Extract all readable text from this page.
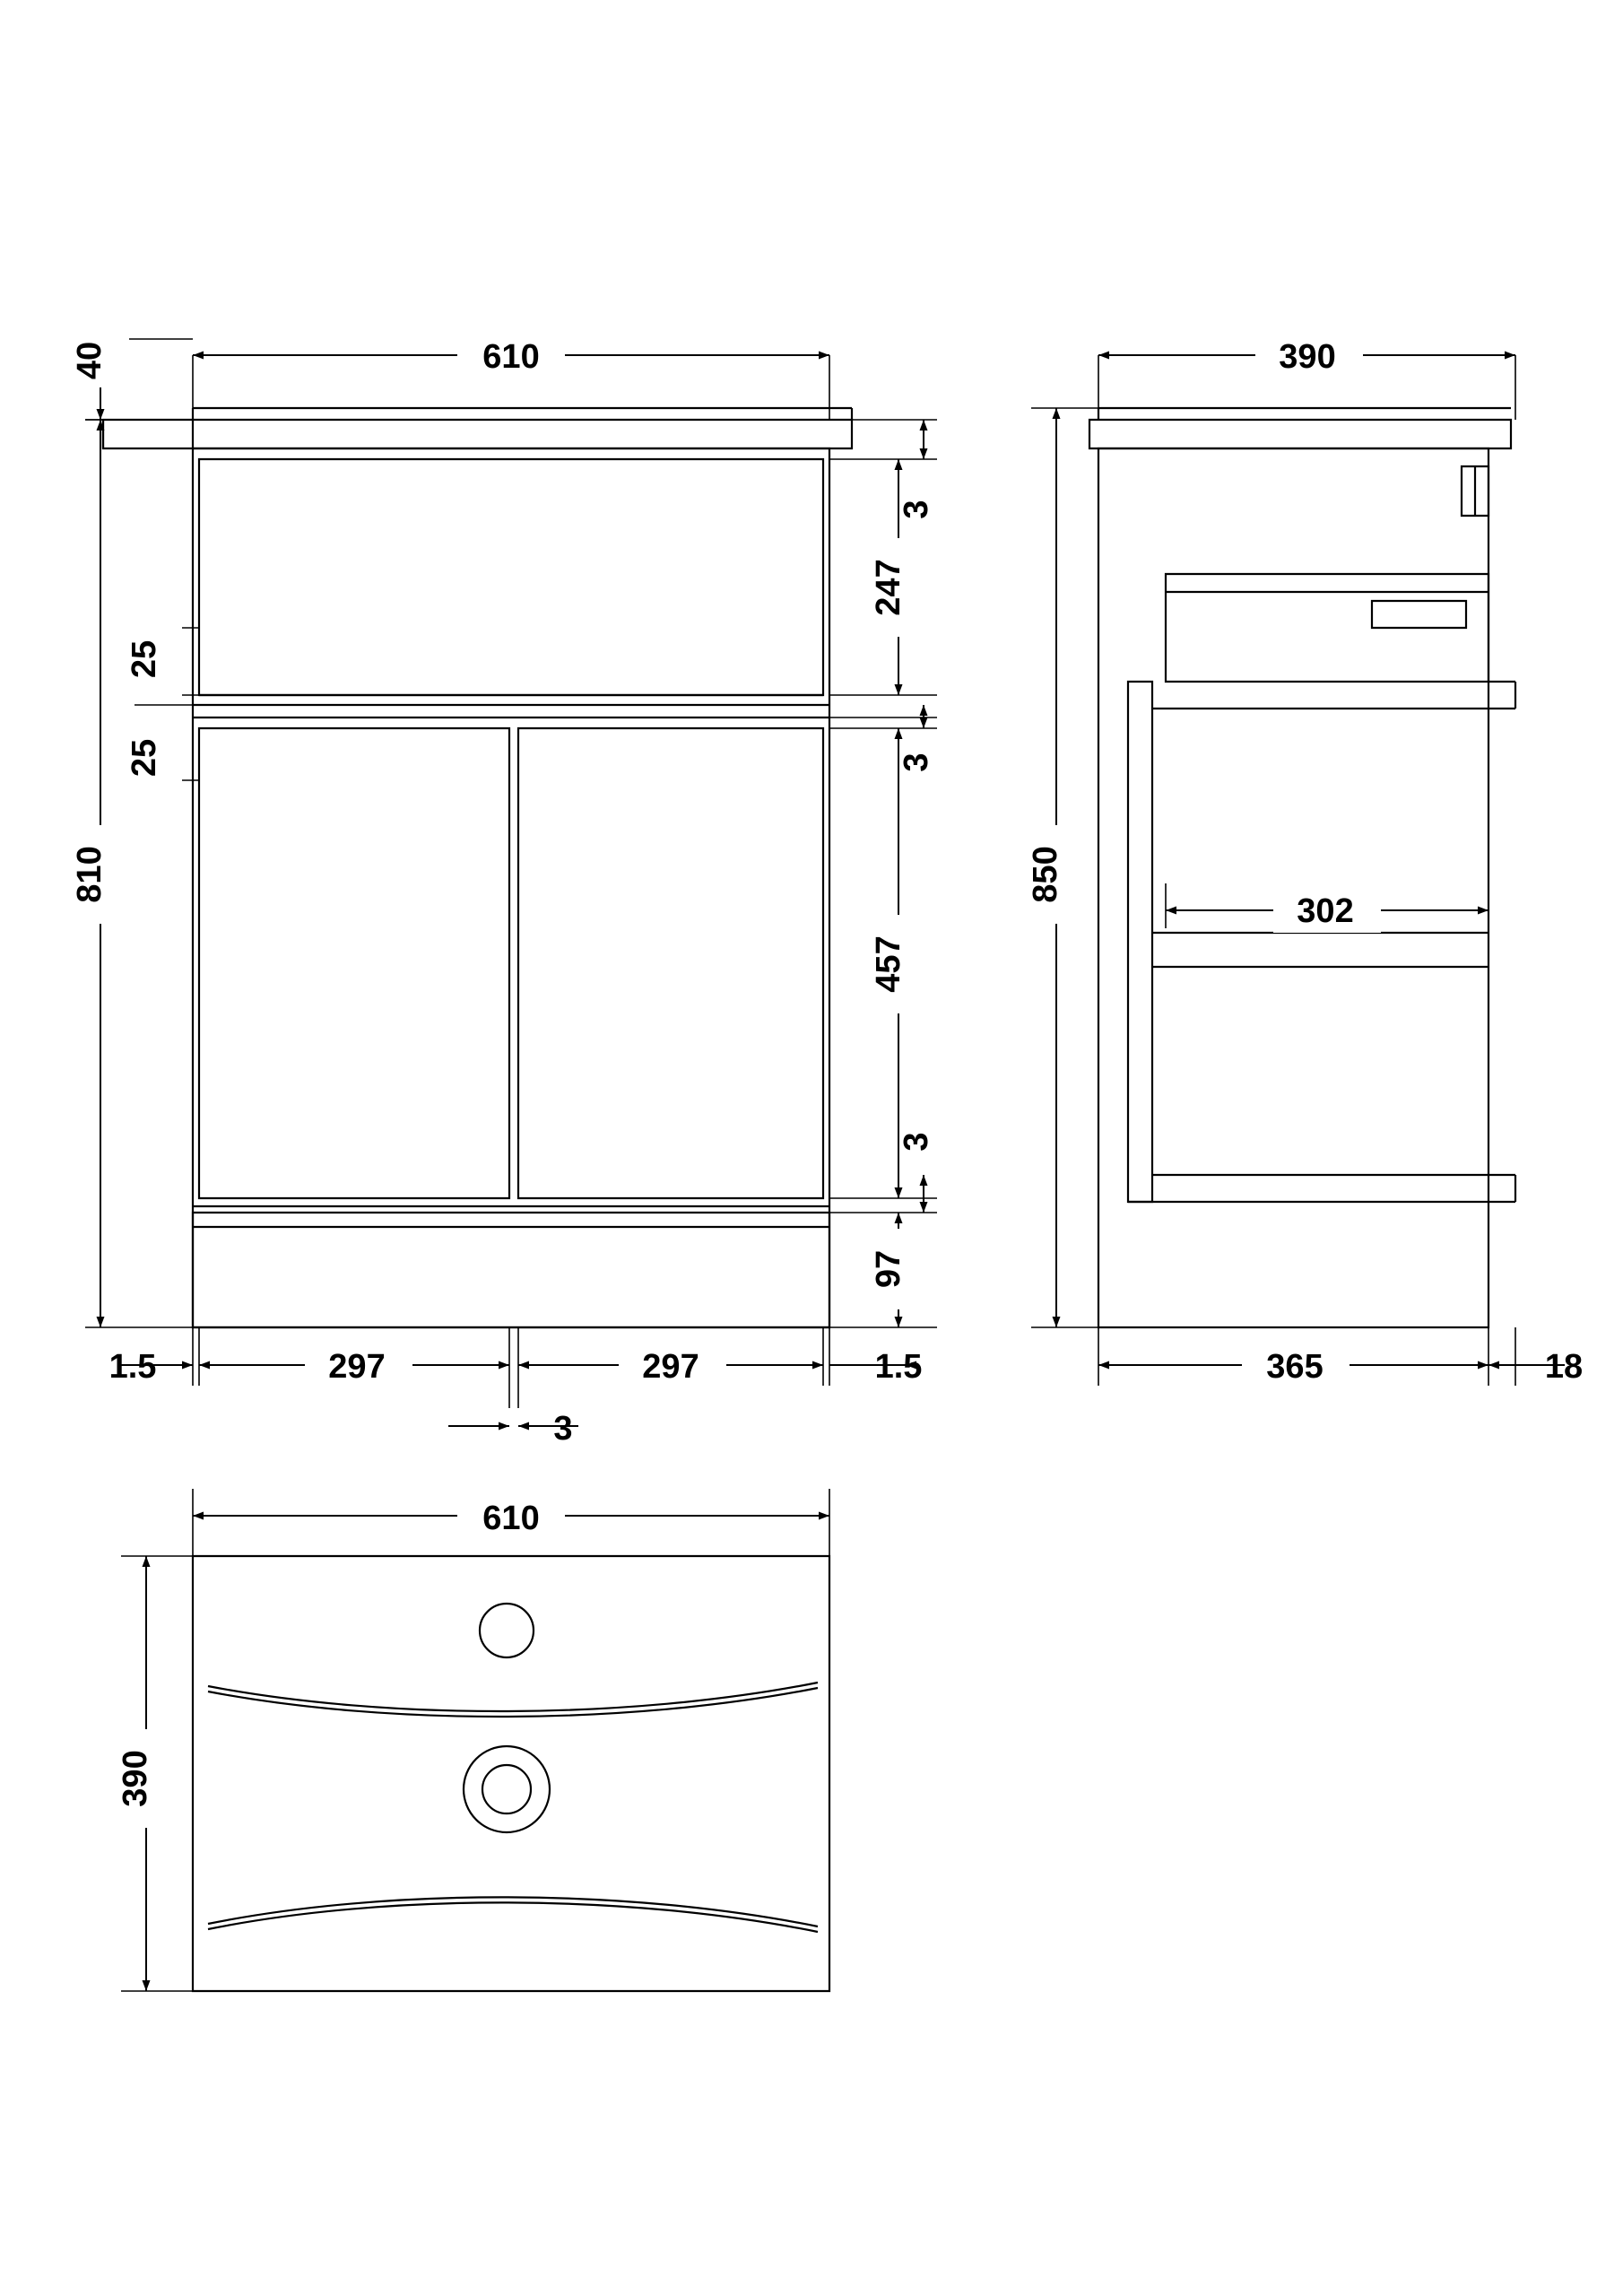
610
40
810
25
25
3
247
3
457
3
97
1.5	297	297	1.5
3
390
850
302
365	18
610
390
